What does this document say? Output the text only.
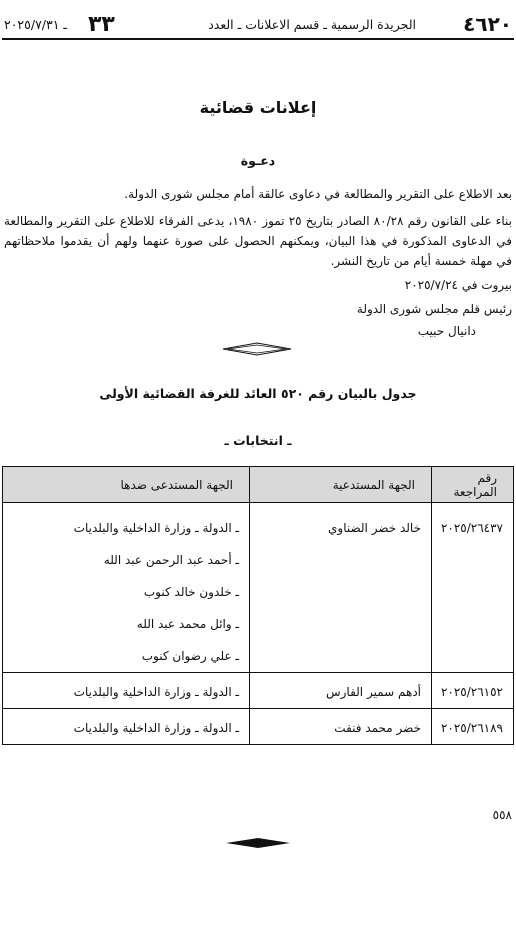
٤٦٢٠
الجريدة الرسمية ـ قسم الاعلانات ـ العدد
٣٣
ـ ٢٠٢٥/٧/٣١
إعلانات قضائية
دعـوة
بعد الاطلاع على التقرير والمطالعة في دعاوى عالقة أمام مجلس شورى الدولة.
بناء على القانون رقم ٨٠/٢٨ الصادر بتاريخ ٢٥ تموز ١٩٨٠، يدعى الفرقاء للاطلاع على التقرير والمطالعة في الدعاوى المذكورة في هذا البيان، ويمكنهم الحصول على صورة عنهما ولهم أن يقدموا ملاحظاتهم في مهلة خمسة أيام من تاريخ النشر.
بيروت في ٢٠٢٥/٧/٢٤
رئيس قلم مجلس شورى الدولة
دانيال حبيب
جدول بالبيان رقم ٥٢٠ العائد للغرفة القضائية الأولى
ـ انتخابات ـ
رقم المراجعة	الجهة المستدعية	الجهة المستدعى ضدها

٢٠٢٥/٢٦٤٣٧	خالد خضر الضناوي	ـ الدولة ـ وزارة الداخلية والبلديات
ـ أحمد عبد الرحمن عبد الله
ـ خلدون خالد كنوب
ـ وائل محمد عبد الله
ـ علي رضوان كنوب

٢٠٢٥/٢٦١٥٢	أدهم سمير الفارس	ـ الدولة ـ وزارة الداخلية والبلديات

٢٠٢٥/٢٦١٨٩	خضر محمد فنفت	ـ الدولة ـ وزارة الداخلية والبلديات
٥٥٨
